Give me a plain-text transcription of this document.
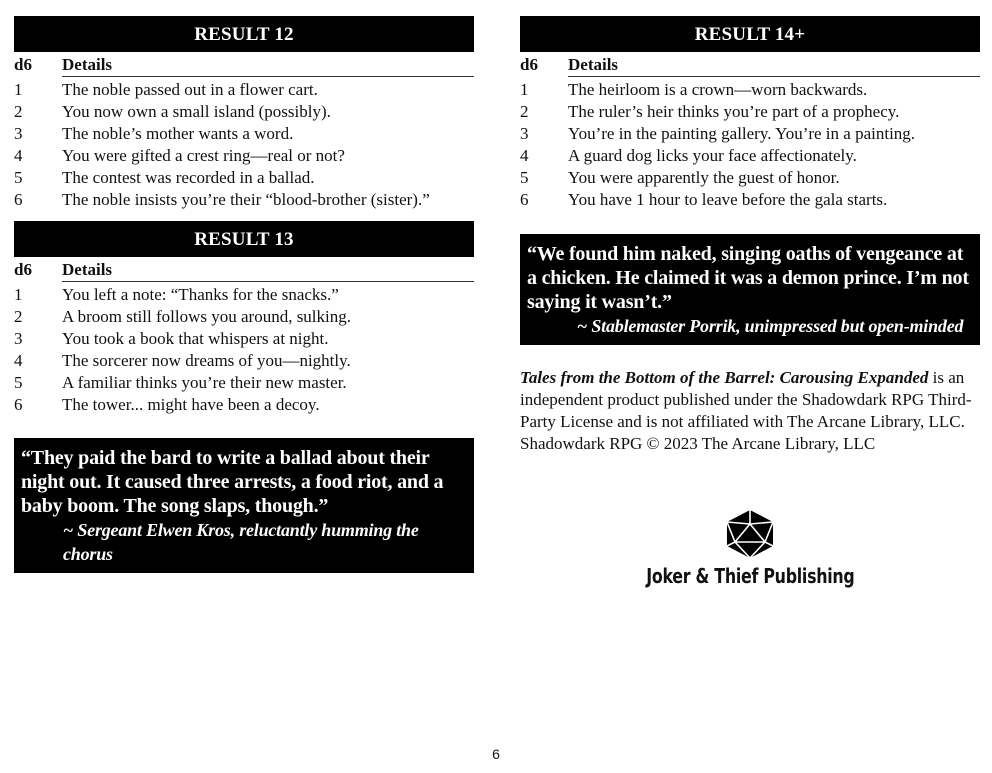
RESULT 12
d6	Details
1	The noble passed out in a flower cart.
2	You now own a small island (possibly).
3	The noble’s mother wants a word.
4	You were gifted a crest ring—real or not?
5	The contest was recorded in a ballad.
6	The noble insists you’re their “blood-brother (sister).”
RESULT 13
d6	Details
1	You left a note: “Thanks for the snacks.”
2	A broom still follows you around, sulking.
3	You took a book that whispers at night.
4	The sorcerer now dreams of you—nightly.
5	A familiar thinks you’re their new master.
6	The tower... might have been a decoy.
“They paid the bard to write a ballad about their night out. It caused three arrests, a food riot, and a baby boom. The song slaps, though.”
~ Sergeant Elwen Kros, reluctantly humming the chorus
RESULT 14+
d6	Details
1	The heirloom is a crown—worn backwards.
2	The ruler’s heir thinks you’re part of a prophecy.
3	You’re in the painting gallery. You’re in a painting.
4	A guard dog licks your face affectionately.
5	You were apparently the guest of honor.
6	You have 1 hour to leave before the gala starts.
“We found him naked, singing oaths of vengeance at a chicken. He claimed it was a demon prince. I’m not saying it wasn’t.”
~ Stablemaster Porrik, unimpressed but open-minded
Tales from the Bottom of the Barrel: Carousing Expanded is an independent product published under the Shadowdark RPG Third-Party License and is not affiliated with The Arcane Library, LLC. Shadowdark RPG © 2023 The Arcane Library, LLC
Joker & Thief Publishing
6
